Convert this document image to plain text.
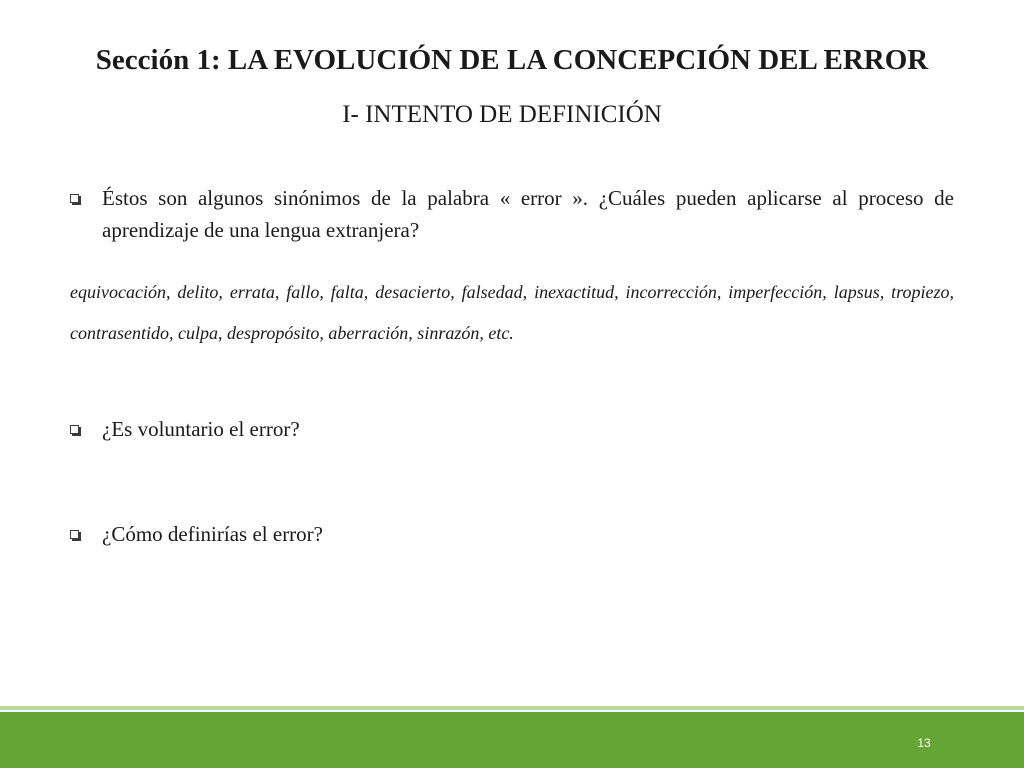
Sección 1: LA EVOLUCIÓN DE LA CONCEPCIÓN DEL ERROR
I- INTENTO DE DEFINICIÓN
Éstos son algunos sinónimos de la palabra « error ». ¿Cuáles pueden aplicarse al proceso de aprendizaje de una lengua extranjera?
equivocación, delito, errata, fallo, falta, desacierto, falsedad, inexactitud, incorrección, imperfección, lapsus, tropiezo, contrasentido, culpa, despropósito, aberración, sinrazón, etc.
¿Es voluntario el error?
¿Cómo definirías el error?
13
